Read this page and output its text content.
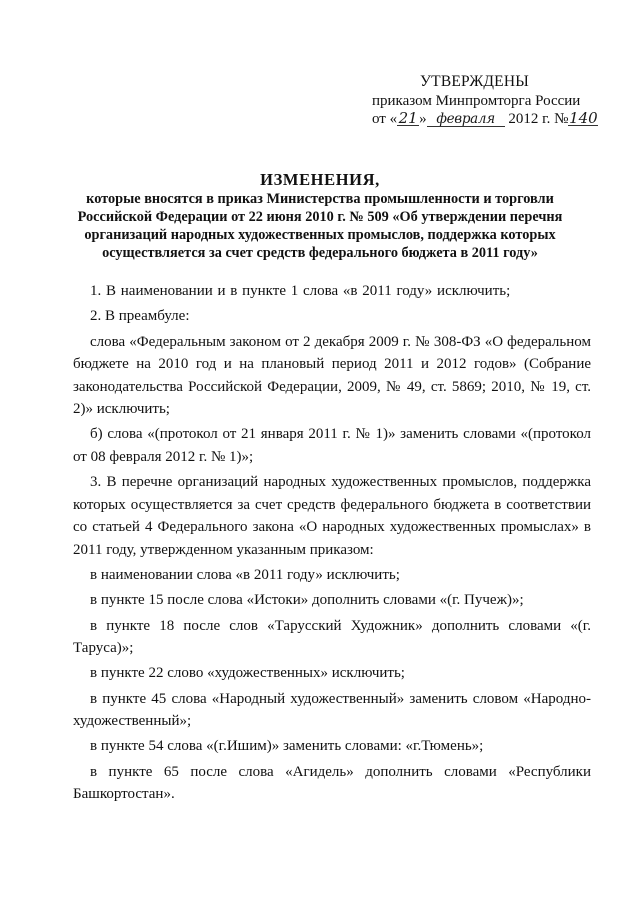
УТВЕРЖДЕНЫ
приказом Минпромторга России
от «21» февраля 2012 г. №140
ИЗМЕНЕНИЯ,
которые вносятся в приказ Министерства промышленности и торговли
Российской Федерации от 22 июня 2010 г. № 509 «Об утверждении перечня
организаций народных художественных промыслов, поддержка которых
осуществляется за счет средств федерального бюджета в 2011 году»

1. В наименовании и в пункте 1 слова «в 2011 году» исключить;

2. В преамбуле:

слова «Федеральным законом от 2 декабря 2009 г. № 308-ФЗ «О федеральном бюджете на 2010 год и на плановый период 2011 и 2012 годов» (Собрание законодательства Российской Федерации, 2009, № 49, ст. 5869; 2010, № 19, ст. 2)» исключить;

б) слова «(протокол от 21 января 2011 г. № 1)» заменить словами «(протокол от 08 февраля 2012 г. № 1)»;

3. В перечне организаций народных художественных промыслов, поддержка которых осуществляется за счет средств федерального бюджета в соответствии со статьей 4 Федерального закона «О народных художественных промыслах» в 2011 году, утвержденном указанным приказом:

в наименовании слова «в 2011 году» исключить;

в пункте 15 после слова «Истоки» дополнить словами «(г. Пучеж)»;

в пункте 18 после слов «Тарусский Художник» дополнить словами «(г. Таруса)»;

в пункте 22 слово «художественных» исключить;

в пункте 45 слова «Народный художественный» заменить словом «Народно-художественный»;

в пункте 54 слова «(г.Ишим)» заменить словами: «г.Тюмень»;

в пункте 65 после слова «Агидель» дополнить словами «Республики Башкортостан».
